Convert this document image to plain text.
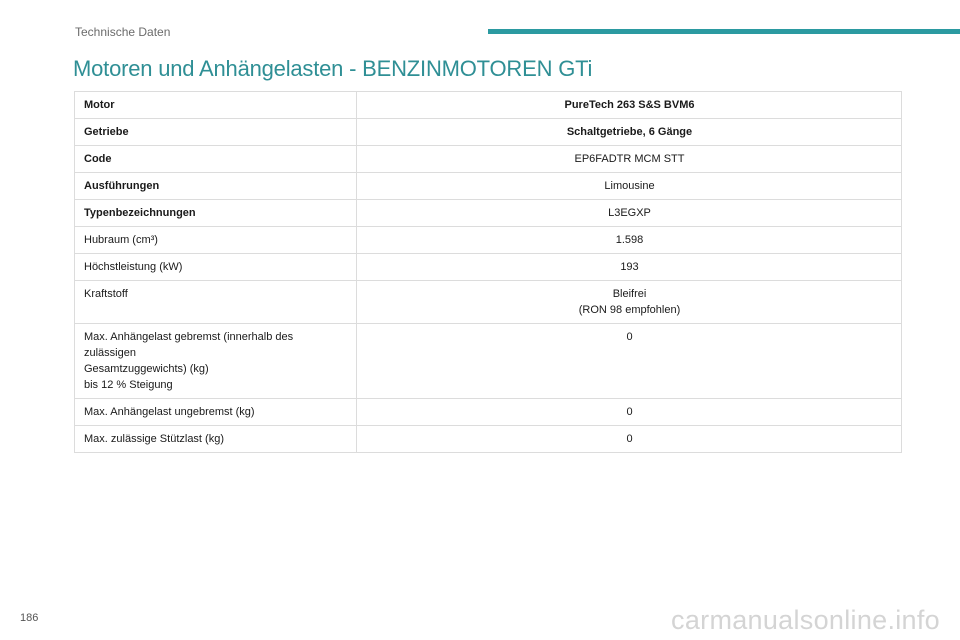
Technische Daten
Motoren und Anhängelasten - BENZINMOTOREN GTi
Motor	PureTech 263 S&S BVM6
Getriebe	Schaltgetriebe, 6 Gänge
Code	EP6FADTR MCM STT
Ausführungen	Limousine
Typenbezeichnungen	L3EGXP
Hubraum (cm³)	1.598
Höchstleistung (kW)	193
Kraftstoff	Bleifrei
(RON 98 empfohlen)
Max. Anhängelast gebremst (innerhalb des zulässigen
Gesamtzuggewichts) (kg)
bis 12 % Steigung	0
Max. Anhängelast ungebremst (kg)	0
Max. zulässige Stützlast (kg)	0
186	carmanualsonline.info
